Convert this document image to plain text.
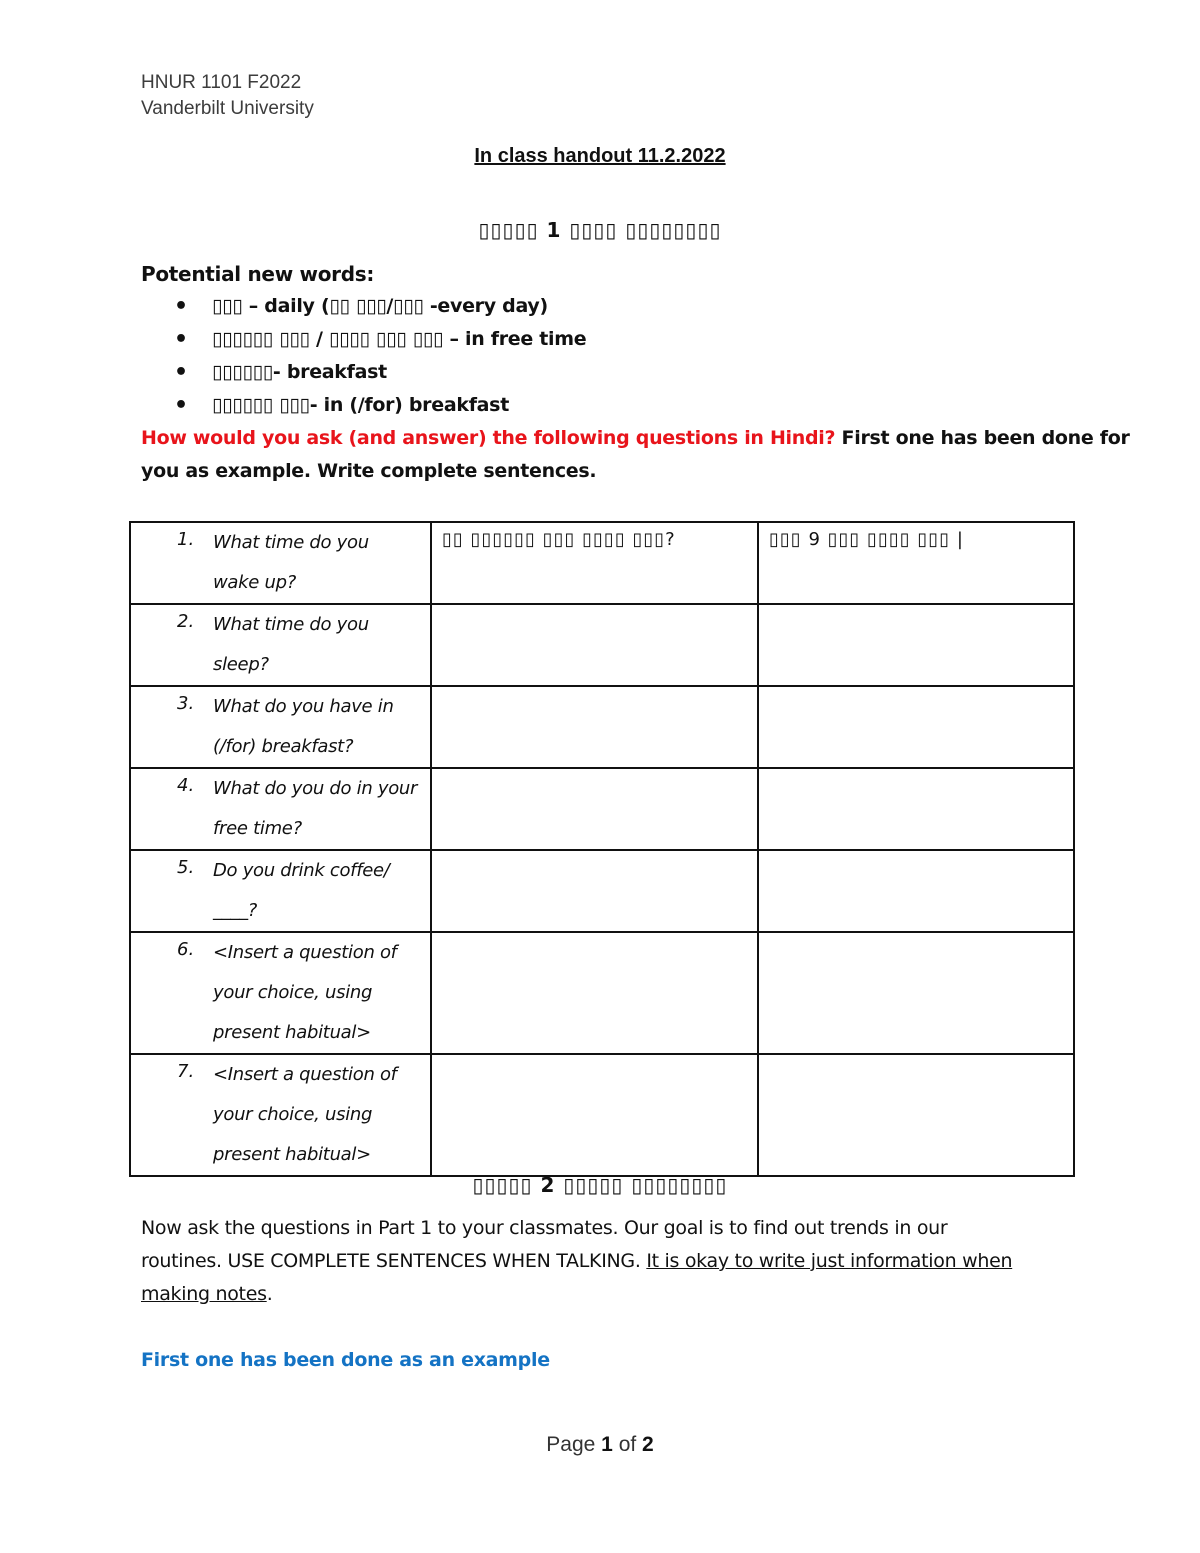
HNUR 1101 F2022
Vanderbilt University
In class handout 11.2.2022
▯▯▯▯▯ 1 ▯▯▯▯ ▯▯▯▯▯▯▯▯
Potential new words:
• ▯▯▯ – daily (▯▯ ▯▯▯/▯▯▯ -every day)
• ▯▯▯▯▯▯ ▯▯▯ / ▯▯▯▯ ▯▯▯ ▯▯▯ – in free time
• ▯▯▯▯▯▯- breakfast
• ▯▯▯▯▯▯ ▯▯▯- in (/for) breakfast
How would you ask (and answer) the following questions in Hindi? First one has been done for
you as example. Write complete sentences.
1. What time do you
wake up?	▯▯ ▯▯▯▯▯▯ ▯▯▯ ▯▯▯▯ ▯▯▯?	▯▯▯ 9 ▯▯▯ ▯▯▯▯ ▯▯▯ |

2. What time do you
sleep?		

3. What do you have in
(/for) breakfast?		

4. What do you do in your
free time?		

5. Do you drink coffee/
____?		

6. <Insert a question of
your choice, using
present habitual>		

7. <Insert a question of
your choice, using
present habitual>		

▯▯▯▯▯ 2 ▯▯▯▯▯ ▯▯▯▯▯▯▯▯
Now ask the questions in Part 1 to your classmates. Our goal is to find out trends in our
routines. USE COMPLETE SENTENCES WHEN TALKING. It is okay to write just information when
making notes.
First one has been done as an example
Page 1 of 2
